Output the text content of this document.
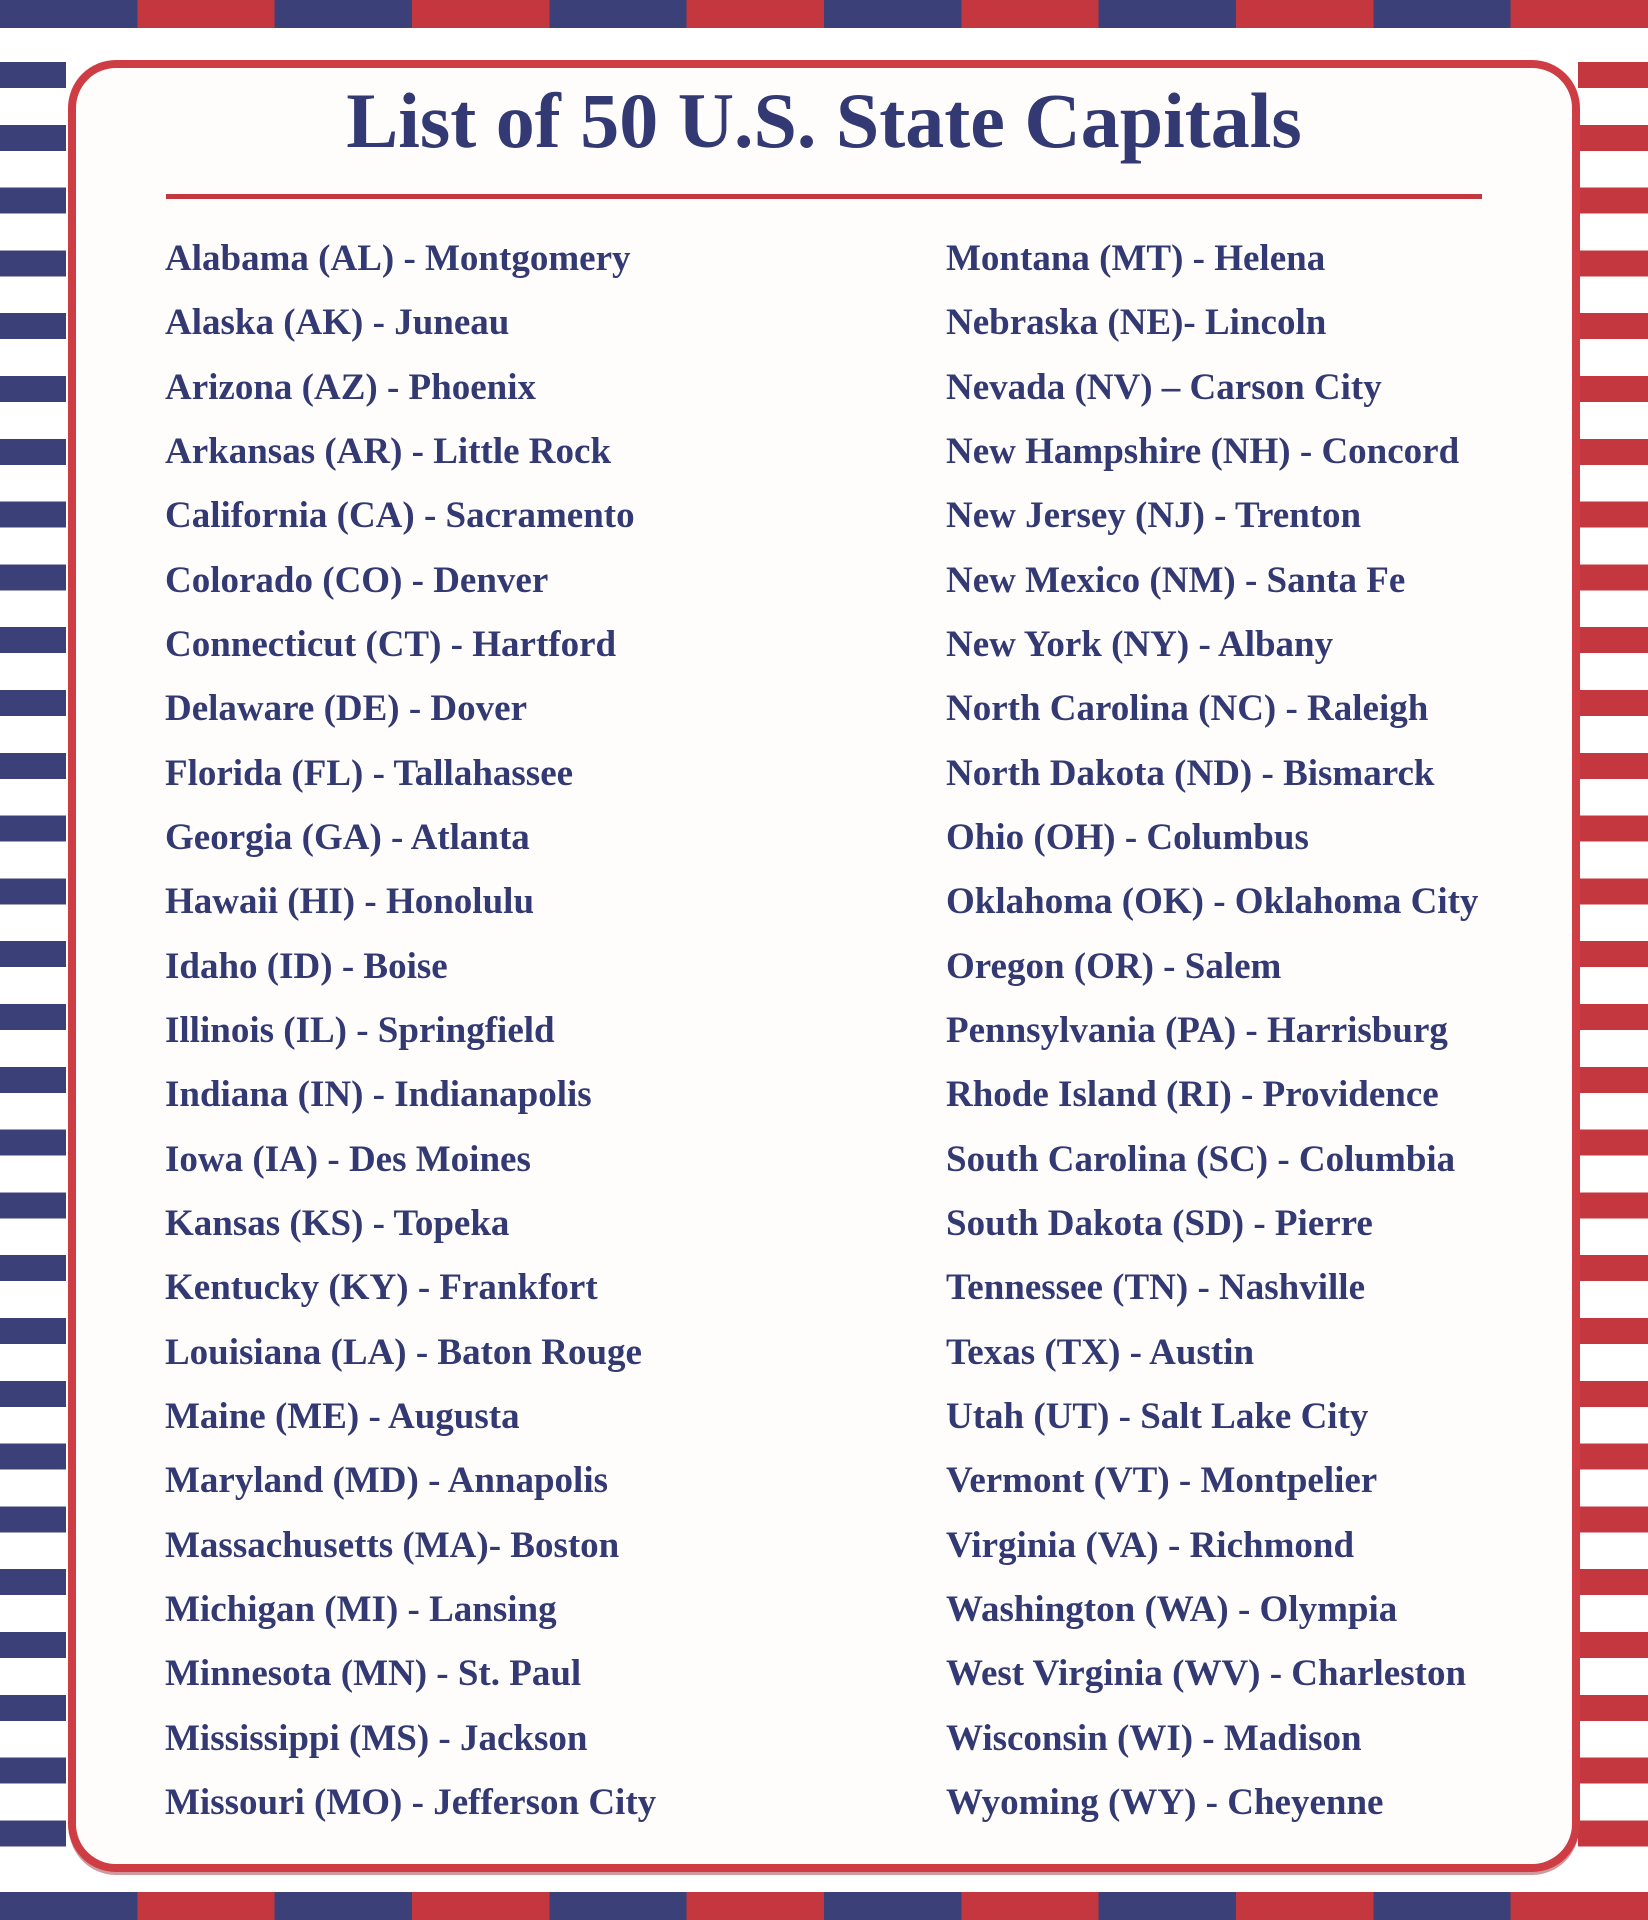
List of 50 U.S. State Capitals
Alabama (AL) - Montgomery
Alaska (AK) - Juneau
Arizona (AZ) - Phoenix
Arkansas (AR) - Little Rock
California (CA) - Sacramento
Colorado (CO) - Denver
Connecticut (CT) - Hartford
Delaware (DE) - Dover
Florida (FL) - Tallahassee
Georgia (GA) - Atlanta
Hawaii (HI) - Honolulu
Idaho (ID) - Boise
Illinois (IL) - Springfield
Indiana (IN) - Indianapolis
Iowa (IA) - Des Moines
Kansas (KS) - Topeka
Kentucky (KY) - Frankfort
Louisiana (LA) - Baton Rouge
Maine (ME) - Augusta
Maryland (MD) - Annapolis
Massachusetts (MA)- Boston
Michigan (MI) - Lansing
Minnesota (MN) - St. Paul
Mississippi (MS) - Jackson
Missouri (MO) - Jefferson City
Montana (MT) - Helena
Nebraska (NE)- Lincoln
Nevada (NV) – Carson City
New Hampshire (NH) - Concord
New Jersey (NJ) - Trenton
New Mexico (NM) - Santa Fe
New York (NY) - Albany
North Carolina (NC) - Raleigh
North Dakota (ND) - Bismarck
Ohio (OH) - Columbus
Oklahoma (OK) - Oklahoma City
Oregon (OR) - Salem
Pennsylvania (PA) - Harrisburg
Rhode Island (RI) - Providence
South Carolina (SC) - Columbia
South Dakota (SD) - Pierre
Tennessee (TN) - Nashville
Texas (TX) - Austin
Utah (UT) - Salt Lake City
Vermont (VT) - Montpelier
Virginia (VA) - Richmond
Washington (WA) - Olympia
West Virginia (WV) - Charleston
Wisconsin (WI) - Madison
Wyoming (WY) - Cheyenne
